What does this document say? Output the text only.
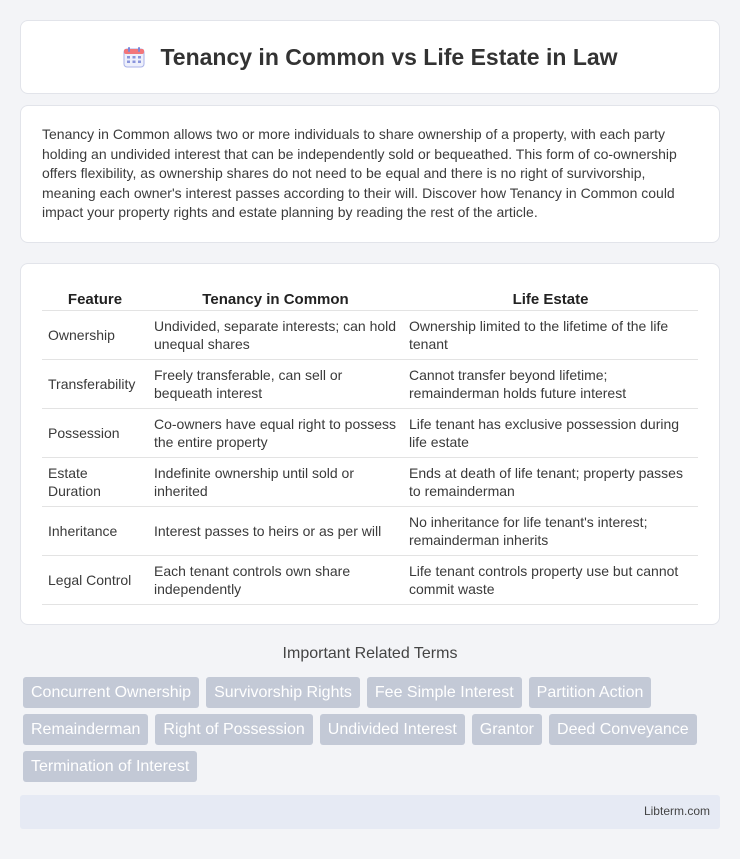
Tenancy in Common vs Life Estate in Law

Tenancy in Common allows two or more individuals to share ownership of a property, with each party holding an undivided interest that can be independently sold or bequeathed. This form of co-ownership offers flexibility, as ownership shares do not need to be equal and there is no right of survivorship, meaning each owner's interest passes according to their will. Discover how Tenancy in Common could impact your property rights and estate planning by reading the rest of the article.

Feature	Tenancy in Common	Life Estate
Ownership	Undivided, separate interests; can hold unequal shares	Ownership limited to the lifetime of the life tenant
Transferability	Freely transferable, can sell or bequeath interest	Cannot transfer beyond lifetime; remainderman holds future interest
Possession	Co-owners have equal right to possess the entire property	Life tenant has exclusive possession during life estate
Estate Duration	Indefinite ownership until sold or inherited	Ends at death of life tenant; property passes to remainderman
Inheritance	Interest passes to heirs or as per will	No inheritance for life tenant's interest; remainderman inherits
Legal Control	Each tenant controls own share independently	Life tenant controls property use but cannot commit waste
Important Related Terms
Concurrent Ownership	Survivorship Rights	Fee Simple Interest	Partition Action
Remainderman	Right of Possession	Undivided Interest	Grantor	Deed Conveyance
Termination of Interest
Libterm.com
